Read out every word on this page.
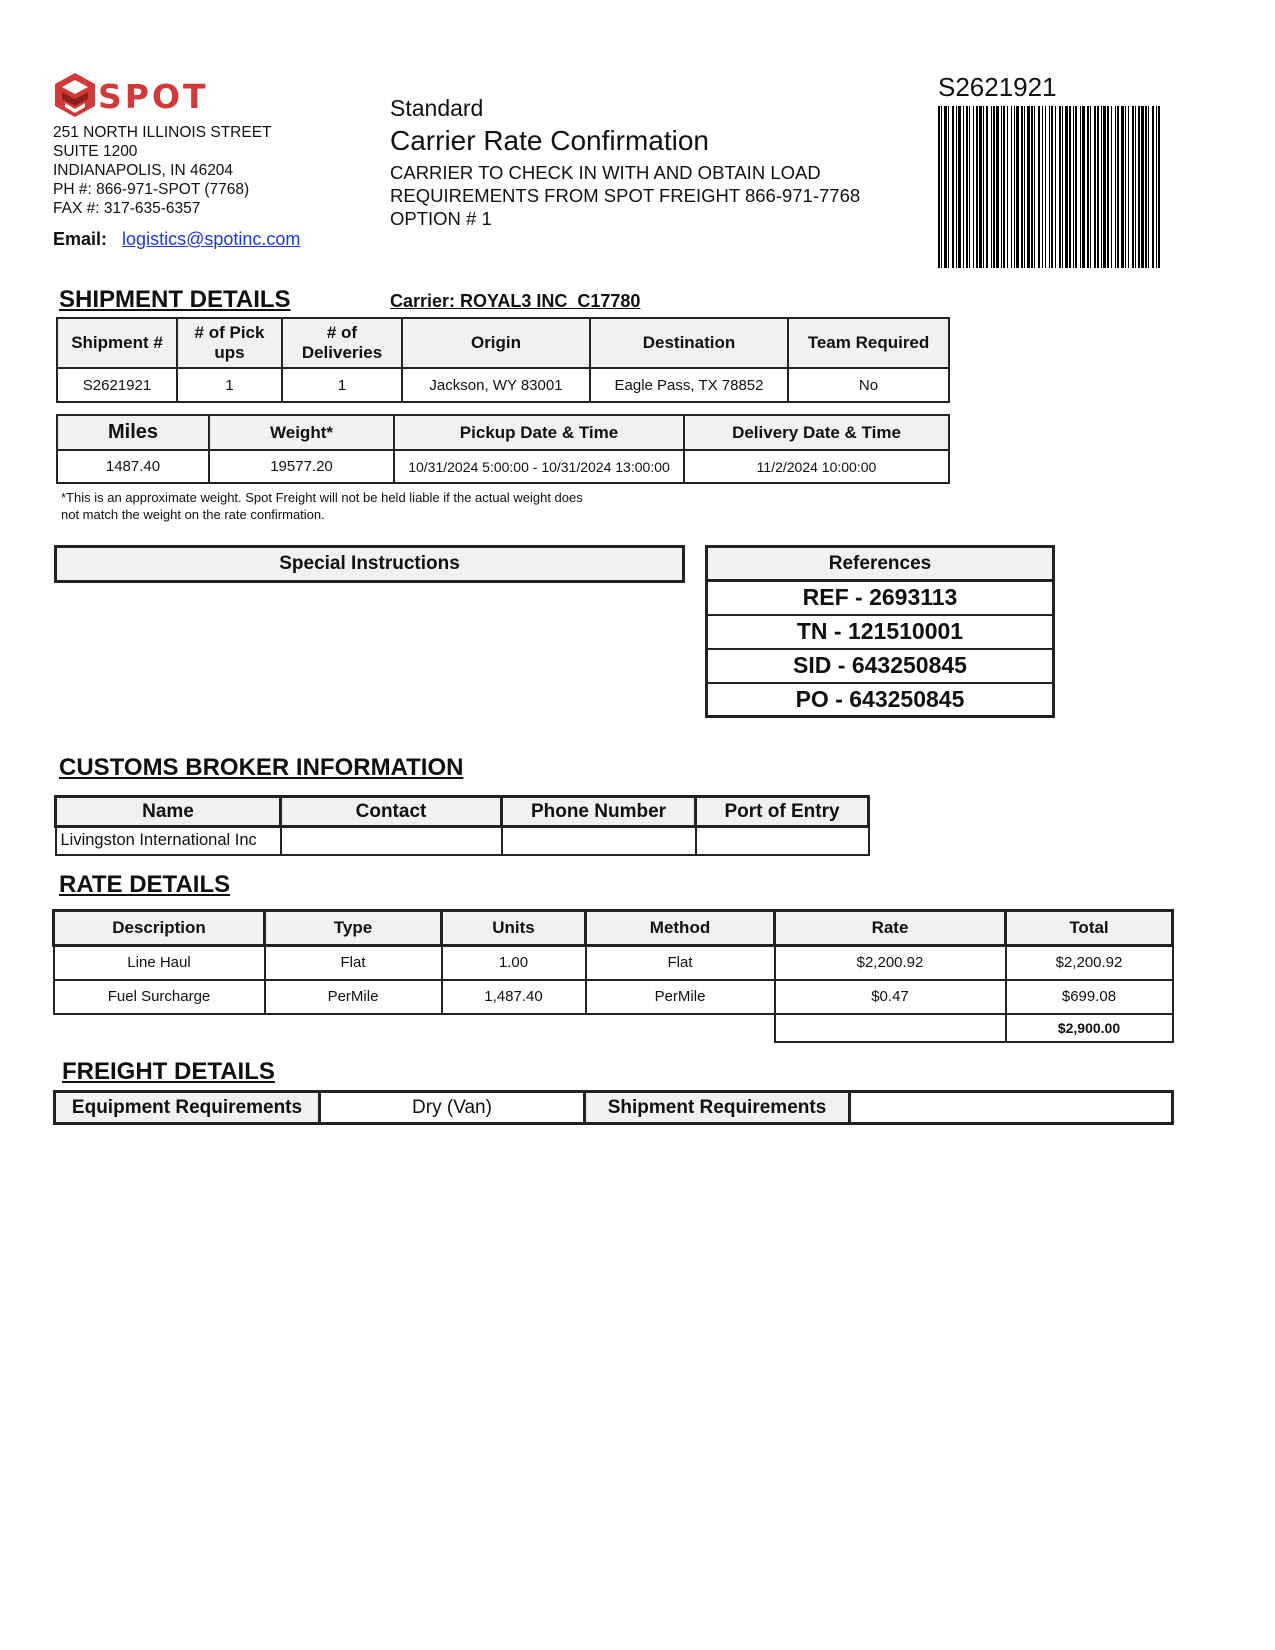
SPOT
251 NORTH ILLINOIS STREET
SUITE 1200
INDIANAPOLIS, IN 46204
PH #: 866-971-SPOT (7768)
FAX #: 317-635-6357
Email: logistics@spotinc.com
Standard
Carrier Rate Confirmation
CARRIER TO CHECK IN WITH AND OBTAIN LOAD
REQUIREMENTS FROM SPOT FREIGHT 866-971-7768
OPTION # 1
S2621921
SHIPMENT DETAILS	Carrier: ROYAL3 INC  C17780
Shipment #	# of Pick ups	# of Deliveries	Origin	Destination	Team Required
S2621921	1	1	Jackson, WY 83001	Eagle Pass, TX 78852	No
Miles	Weight*	Pickup Date & Time	Delivery Date & Time
1487.40	19577.20	10/31/2024 5:00:00 - 10/31/2024 13:00:00	11/2/2024 10:00:00
*This is an approximate weight. Spot Freight will not be held liable if the actual weight does
not match the weight on the rate confirmation.
Special Instructions	References
REF - 2693113
TN - 121510001
SID - 643250845
PO - 643250845
CUSTOMS BROKER INFORMATION
Name	Contact	Phone Number	Port of Entry
Livingston International Inc			
RATE DETAILS
Description	Type	Units	Method	Rate	Total
Line Haul	Flat	1.00	Flat	$2,200.92	$2,200.92
Fuel Surcharge	PerMile	1,487.40	PerMile	$0.47	$699.08
					$2,900.00
FREIGHT DETAILS
Equipment Requirements	Dry (Van)	Shipment Requirements	
